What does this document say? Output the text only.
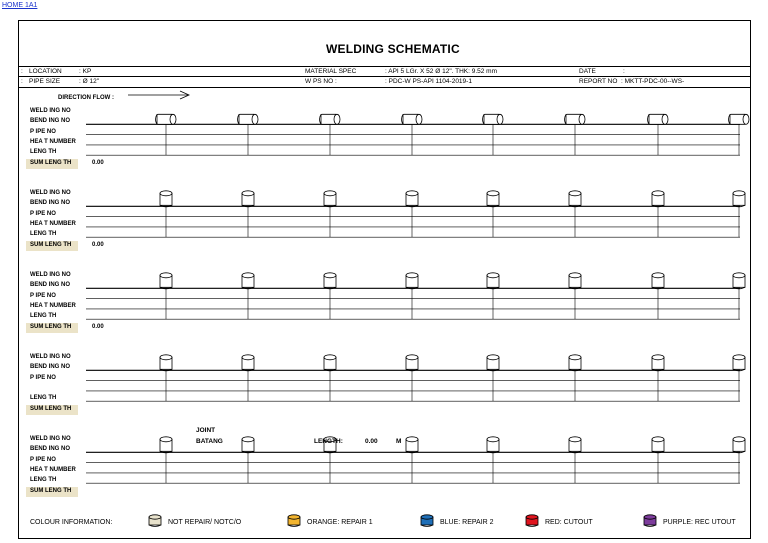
HOME 1A1
WELDING SCHEMATIC
: LOCATION	: KP	MATERIAL SPEC	: API 5 LGr. X 52 Ø 12". THK: 9.52 mm	DATE	:
: PIPE SIZE	: Ø 12"	W PS NO :	: PDC-W PS-API 1104-2019-1	REPORT NO : MKTT-PDC-00--WS-
DIRECTION FLOW :
WELD ING NO
BEND ING NO
P IPE NO
HEA T NUMBER
LENG TH
SUM LENG TH	0.00
WELD ING NO
BEND ING NO
P IPE NO
HEA T NUMBER
LENG TH
SUM LENG TH	0.00
WELD ING NO
BEND ING NO
P IPE NO
HEA T NUMBER
LENG TH
SUM LENG TH	0.00
WELD ING NO
BEND ING NO
P IPE NO
LENG TH
SUM LENG TH
WELD ING NO
BEND ING NO
P IPE NO
HEA T NUMBER
LENG TH
SUM LENG TH
JOINT
BATANG	LENGTH:	0.00	M
COLOUR INFORMATION:	NOT REPAIR/ NOTC/O	ORANGE: REPAIR 1	BLUE: REPAIR 2	RED: CUTOUT	PURPLE: REC UTOUT
